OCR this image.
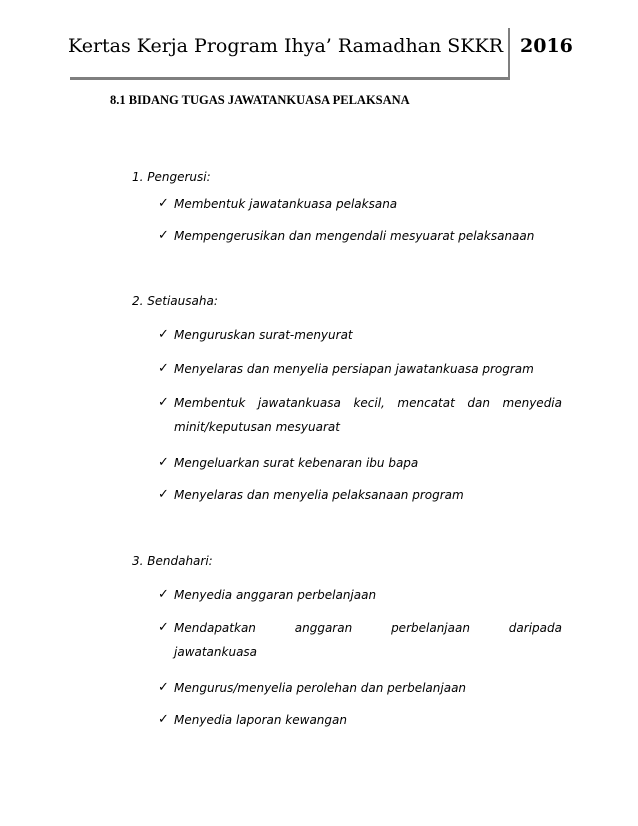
Kertas Kerja Program Ihya’ Ramadhan SKKR 2016
8.1 BIDANG TUGAS JAWATANKUASA PELAKSANA
1. Pengerusi:
✓ Membentuk jawatankuasa pelaksana
✓ Mempengerusikan dan mengendali mesyuarat pelaksanaan
2. Setiausaha:
✓ Menguruskan surat-menyurat
✓ Menyelaras dan menyelia persiapan jawatankuasa program
✓ Membentuk jawatankuasa kecil, mencatat dan menyedia
minit/keputusan mesyuarat
✓ Mengeluarkan surat kebenaran ibu bapa
✓ Menyelaras dan menyelia pelaksanaan program
3. Bendahari:
✓ Menyedia anggaran perbelanjaan
✓ Mendapatkan anggaran perbelanjaan daripada
jawatankuasa
✓ Mengurus/menyelia perolehan dan perbelanjaan
✓ Menyedia laporan kewangan
